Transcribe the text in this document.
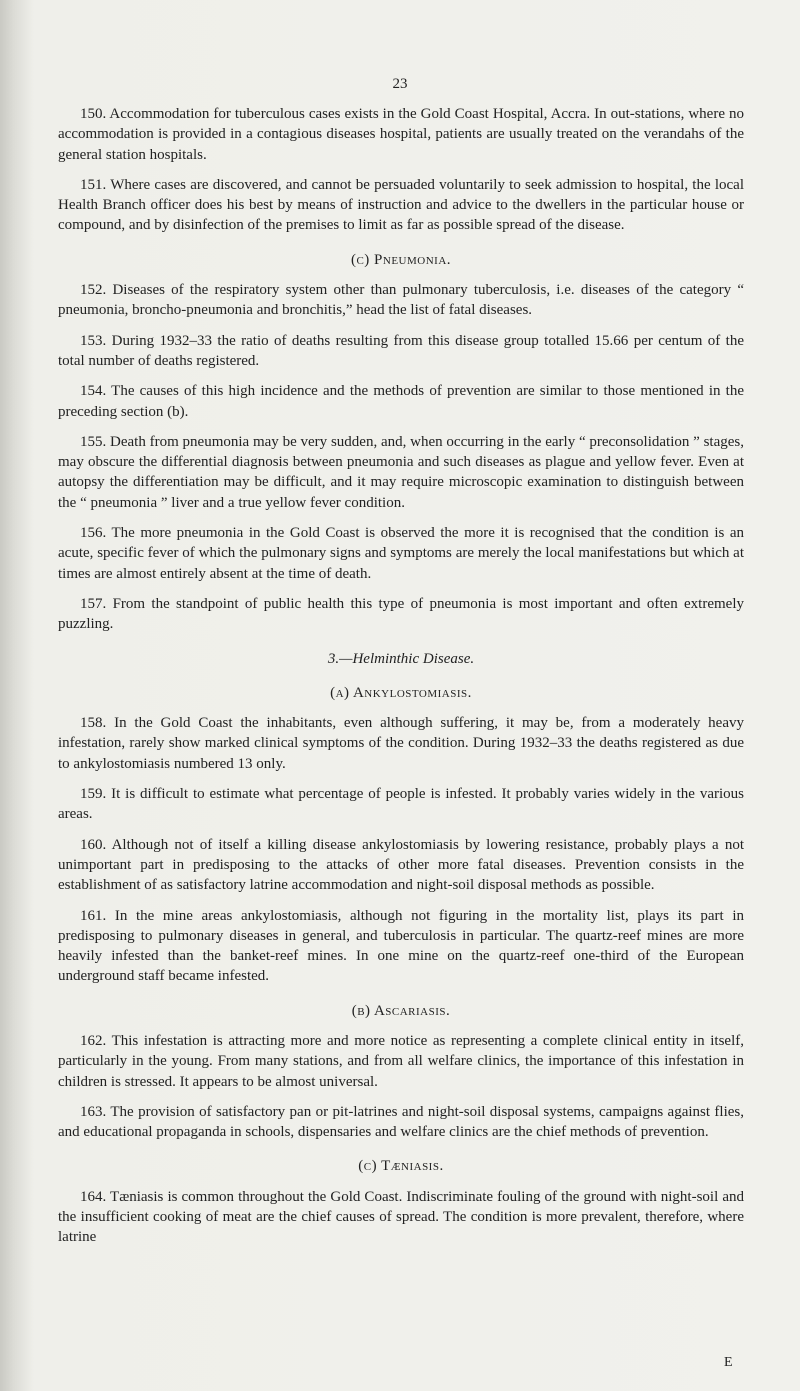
23

150. Accommodation for tuberculous cases exists in the Gold Coast Hospital, Accra. In out-stations, where no accommodation is provided in a contagious diseases hospital, patients are usually treated on the verandahs of the general station hospitals.

151. Where cases are discovered, and cannot be persuaded voluntarily to seek admission to hospital, the local Health Branch officer does his best by means of instruction and advice to the dwellers in the particular house or compound, and by disinfection of the premises to limit as far as possible spread of the disease.

(c) Pneumonia.

152. Diseases of the respiratory system other than pulmonary tuberculosis, i.e. diseases of the category “ pneumonia, broncho-pneumonia and bronchitis,” head the list of fatal diseases.

153. During 1932–33 the ratio of deaths resulting from this disease group totalled 15.66 per centum of the total number of deaths registered.

154. The causes of this high incidence and the methods of prevention are similar to those mentioned in the preceding section (b).

155. Death from pneumonia may be very sudden, and, when occurring in the early “ preconsolidation ” stages, may obscure the differential diagnosis between pneumonia and such diseases as plague and yellow fever. Even at autopsy the differentiation may be difficult, and it may require microscopic examination to distinguish between the “ pneumonia ” liver and a true yellow fever condition.

156. The more pneumonia in the Gold Coast is observed the more it is recognised that the condition is an acute, specific fever of which the pulmonary signs and symptoms are merely the local manifestations but which at times are almost entirely absent at the time of death.

157. From the standpoint of public health this type of pneumonia is most important and often extremely puzzling.

3.—Helminthic Disease.
(a) Ankylostomiasis.

158. In the Gold Coast the inhabitants, even although suffering, it may be, from a moderately heavy infestation, rarely show marked clinical symptoms of the condition. During 1932–33 the deaths registered as due to ankylostomiasis numbered 13 only.

159. It is difficult to estimate what percentage of people is infested. It probably varies widely in the various areas.

160. Although not of itself a killing disease ankylostomiasis by lowering resistance, probably plays a not unimportant part in predisposing to the attacks of other more fatal diseases. Prevention consists in the establishment of as satisfactory latrine accommodation and night-soil disposal methods as possible.

161. In the mine areas ankylostomiasis, although not figuring in the mortality list, plays its part in predisposing to pulmonary diseases in general, and tuberculosis in particular. The quartz-reef mines are more heavily infested than the banket-reef mines. In one mine on the quartz-reef one-third of the European underground staff became infested.

(b) Ascariasis.

162. This infestation is attracting more and more notice as representing a complete clinical entity in itself, particularly in the young. From many stations, and from all welfare clinics, the importance of this infestation in children is stressed. It appears to be almost universal.

163. The provision of satisfactory pan or pit-latrines and night-soil disposal systems, campaigns against flies, and educational propaganda in schools, dispensaries and welfare clinics are the chief methods of prevention.

(c) Tæniasis.

164. Tæniasis is common throughout the Gold Coast. Indiscriminate fouling of the ground with night-soil and the insufficient cooking of meat are the chief causes of spread. The condition is more prevalent, therefore, where latrine

E
